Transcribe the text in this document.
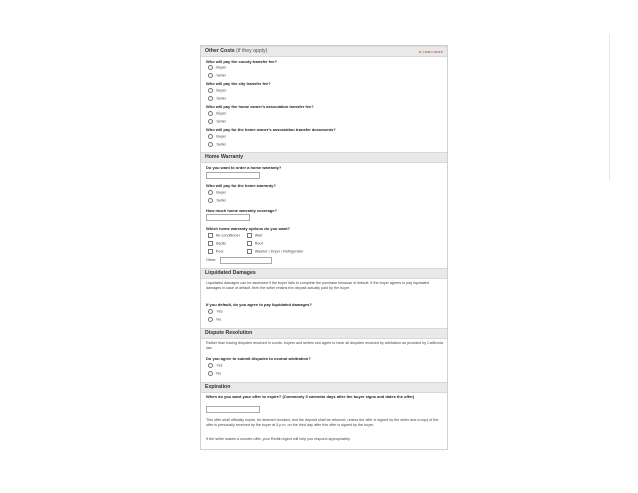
Other Costs (if they apply)	▸ Learn more
Who will pay the county transfer fee?
Buyer
Seller
Who will pay the city transfer fee?
Buyer
Seller
Who will pay the home owner's association transfer fee?
Buyer
Seller
Who will pay for the home owner's association transfer documents?
Buyer
Seller
Home Warranty
Do you want to order a home warranty?
Who will pay for the home warranty?
Buyer
Seller
How much home warranty coverage?
Which home warranty options do you want?
Air conditioner	Well
Septic	Roof
Pool	Washer / Dryer / Refrigerator
Other:
Liquidated Damages
Liquidated damages can be assessed if the buyer fails to complete the purchase because of default. If the buyer agrees to pay liquidated damages in case of default, then the seller retains the deposit actually paid by the buyer.
If you default, do you agree to pay liquidated damages?
Yes
No
Dispute Resolution
Rather than having disputes resolved in courts, buyers and sellers can agree to have all disputes resolved by arbitration as provided by California law.
Do you agree to submit disputes to neutral arbitration?
Yes
No
Expiration
When do you want your offer to expire? (Commonly 3 calendar days after the buyer signs and dates the offer)
This offer shall officially expire, be deemed revoked, and the deposit shall be returned, unless the offer is signed by the seller and a copy of the offer is personally received by the buyer at 5 p.m. on the third day after this offer is signed by the buyer.
If the seller makes a counter-offer, your Redfin Agent will help you respond appropriately.
